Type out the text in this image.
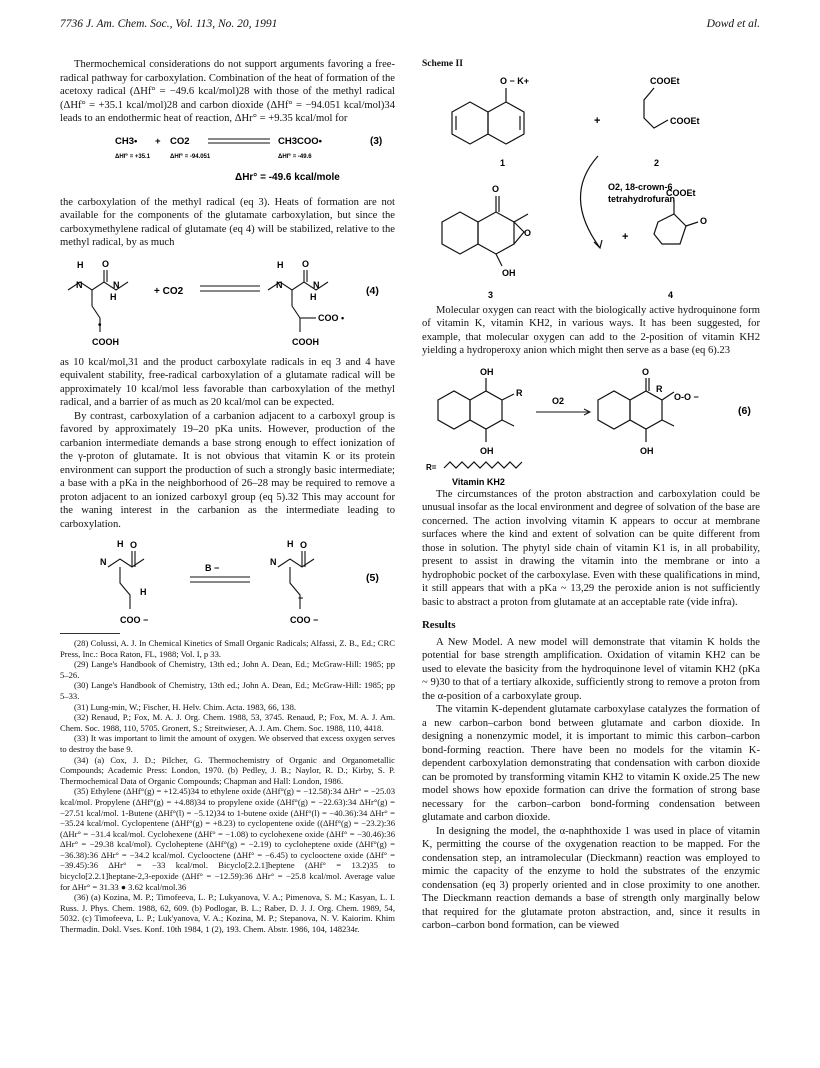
7736 J. Am. Chem. Soc., Vol. 113, No. 20, 1991	Dowd et al.

Thermochemical considerations do not support arguments favoring a free-radical pathway for carboxylation. Combination of the heat of formation of the acetoxy radical (ΔHf° = −49.6 kcal/mol)28 with those of the methyl radical (ΔHf° = +35.1 kcal/mol)28 and carbon dioxide (ΔHf° = −94.051 kcal/mol)34 leads to an endothermic heat of reaction, ΔHr° = +9.35 kcal/mol for

CH3• + CO2	CH3COO•	(3)
ΔHf° = +35.1	ΔHf° = -94.051	ΔHf° = -49.6
ΔHr° = -49.6 kcal/mole

the carboxylation of the methyl radical (eq 3). Heats of formation are not available for the components of the glutamate carboxylation, but since the carboxymethylene radical of glutamate (eq 4) will be stabilized, relative to the methyl radical, by as much

H
N
O
N
H
•
COOH
+ CO2
H
N
O
N
H
COO •
COOH
(4)

as 10 kcal/mol,31 and the product carboxylate radicals in eq 3 and 4 have equivalent stability, free-radical carboxylation of a glutamate radical will be approximately 10 kcal/mol less favorable than carboxylation of the methyl radical, and a barrier of as much as 20 kcal/mol can be expected.

By contrast, carboxylation of a carbanion adjacent to a carboxyl group is favored by approximately 19–20 pKa units. However, production of the carbanion intermediate demands a base strong enough to effect ionization of the γ-proton of glutamate. It is not obvious that vitamin K or its protein environment can support the production of such a strongly basic intermediate; a base with a pKa in the neighborhood of 26–28 may be required to remove a proton adjacent to an ionized carboxyl group (eq 5).32 This may account for the waning interest in the carbanion as the intermediate leading to carboxylation.

H
N
O
H
COO −
B −
H
N
O
−
COO −
(5)

(28) Colussi, A. J. In Chemical Kinetics of Small Organic Radicals; Alfassi, Z. B., Ed.; CRC Press, Inc.: Boca Raton, FL, 1988; Vol. I, p 33.

(29) Lange's Handbook of Chemistry, 13th ed.; John A. Dean, Ed.; McGraw-Hill: 1985; pp 5–26.

(30) Lange's Handbook of Chemistry, 13th ed.; John A. Dean, Ed.; McGraw-Hill: 1985; pp 5–33.

(31) Lung-min, W.; Fischer, H. Helv. Chim. Acta. 1983, 66, 138.

(32) Renaud, P.; Fox, M. A. J. Org. Chem. 1988, 53, 3745. Renaud, P.; Fox, M. A. J. Am. Chem. Soc. 1988, 110, 5705. Gronert, S.; Streitwieser, A. J. Am. Chem. Soc. 1988, 110, 4418.

(33) It was important to limit the amount of oxygen. We observed that excess oxygen serves to destroy the base 9.

(34) (a) Cox, J. D.; Pilcher, G. Thermochemistry of Organic and Organometallic Compounds; Academic Press: London, 1970. (b) Pedley, J. B.; Naylor, R. D.; Kirby, S. P. Thermochemical Data of Organic Compounds; Chapman and Hall: London, 1986.

(35) Ethylene (ΔHf°(g) = +12.45)34 to ethylene oxide (ΔHf°(g) = −12.58):34 ΔHr° = −25.03 kcal/mol. Propylene (ΔHf°(g) = +4.88)34 to propylene oxide (ΔHf°(g) = −22.63):34 ΔHr°(g) = −27.51 kcal/mol. 1-Butene (ΔHf°(l) = −5.12)34 to 1-butene oxide (ΔHf°(l) = −40.36):34 ΔHr° = −35.24 kcal/mol. Cyclopentene (ΔHf°(g) = +8.23) to cyclopentene oxide ((ΔHf°(g) = −23.2):36 (ΔHr° = −31.4 kcal/mol. Cyclohexene (ΔHf° = −1.08) to cyclohexene oxide (ΔHf° = −30.46):36 ΔHr° = −29.38 kcal/mol). Cycloheptene (ΔHf°(g) = −2.19) to cycloheptene oxide (ΔHf°(g) = −36.38):36 ΔHr° = −34.2 kcal/mol. Cyclooctene (ΔHf° = −6.45) to cyclooctene oxide (ΔHf° = −39.45):36 ΔHr° = −33 kcal/mol. Bicyclo[2.2.1]heptene (ΔHf° = 13.2)35 to bicyclo[2.2.1]heptane-2,3-epoxide (ΔHf° = −12.59):36 ΔHr° = −25.8 kcal/mol. Average value for ΔHr° = 31.33 ● 3.62 kcal/mol.36

(36) (a) Kozina, M. P.; Timofeeva, L. P.; Lukyanova, V. A.; Pimenova, S. M.; Kasyan, L. I. Russ. J. Phys. Chem. 1988, 62, 609. (b) Podlogar, B. L.; Raber, D. J. J. Org. Chem. 1989, 54, 5032. (c) Timofeeva, L. P.; Luk'yanova, V. A.; Kozina, M. P.; Stepanova, N. V. Kaiorim. Khim Thermadin. Dokl. Vses. Konf. 10th 1984, 1 (2), 193. Chem. Abstr. 1986, 104, 148234r.

Scheme II
O − K+
1
+
COOEt
COOEt
2
O2, 18-crown-6
tetrahydrofuran
O
O
OH
3
+
COOEt
O
4

Molecular oxygen can react with the biologically active hydroquinone form of vitamin K, vitamin KH2, in various ways. It has been suggested, for example, that molecular oxygen can add to the 2-position of vitamin KH2 yielding a hydroperoxy anion which might then serve as a base (eq 6).23

OH
OH
R
O2
O
R
O-O −
OH
(6)
R=
Vitamin KH2

The circumstances of the proton abstraction and carboxylation could be unusual insofar as the local environment and degree of solvation of the base are concerned. The action involving vitamin K appears to occur at membrane surfaces where the kind and extent of solvation can be quite different from those in solution. The phytyl side chain of vitamin K1 is, in all probability, present to assist in drawing the vitamin into the membrane or into a hydrophobic pocket of the carboxylase. Even with these qualifications in mind, it still appears that with a pKa ~ 13,29 the peroxide anion is not sufficiently basic to abstract a proton from glutamate at an acceptable rate (vide infra).

Results

A New Model. A new model will demonstrate that vitamin K holds the potential for base strength amplification. Oxidation of vitamin KH2 can be used to elevate the basicity from the hydroquinone level of vitamin KH2 (pKa ~ 9)30 to that of a tertiary alkoxide, sufficiently strong to remove a proton from the α-position of a carboxylate group.

The vitamin K-dependent glutamate carboxylase catalyzes the formation of a new carbon–carbon bond between glutamate and carbon dioxide. In designing a nonenzymic model, it is important to mimic this carbon–carbon bond-forming reaction. There have been no models for the vitamin K-dependent carboxylation demonstrating that condensation with carbon dioxide can be promoted by transforming vitamin KH2 to vitamin K oxide.25 The new model shows how epoxide formation can drive the formation of strong base necessary for the carbon–carbon bond-forming condensation between glutamate and carbon dioxide.

In designing the model, the α-naphthoxide 1 was used in place of vitamin K, permitting the course of the oxygenation reaction to be mapped. For the condensation step, an intramolecular (Dieckmann) reaction was employed to mimic the capacity of the enzyme to hold the substrates of the enzymic condensation (eq 3) properly oriented and in close proximity to one another. The Dieckmann reaction demands a base of strength only marginally below that required for the glutamate proton abstraction, and, since it results in carbon–carbon bond formation, can be viewed
